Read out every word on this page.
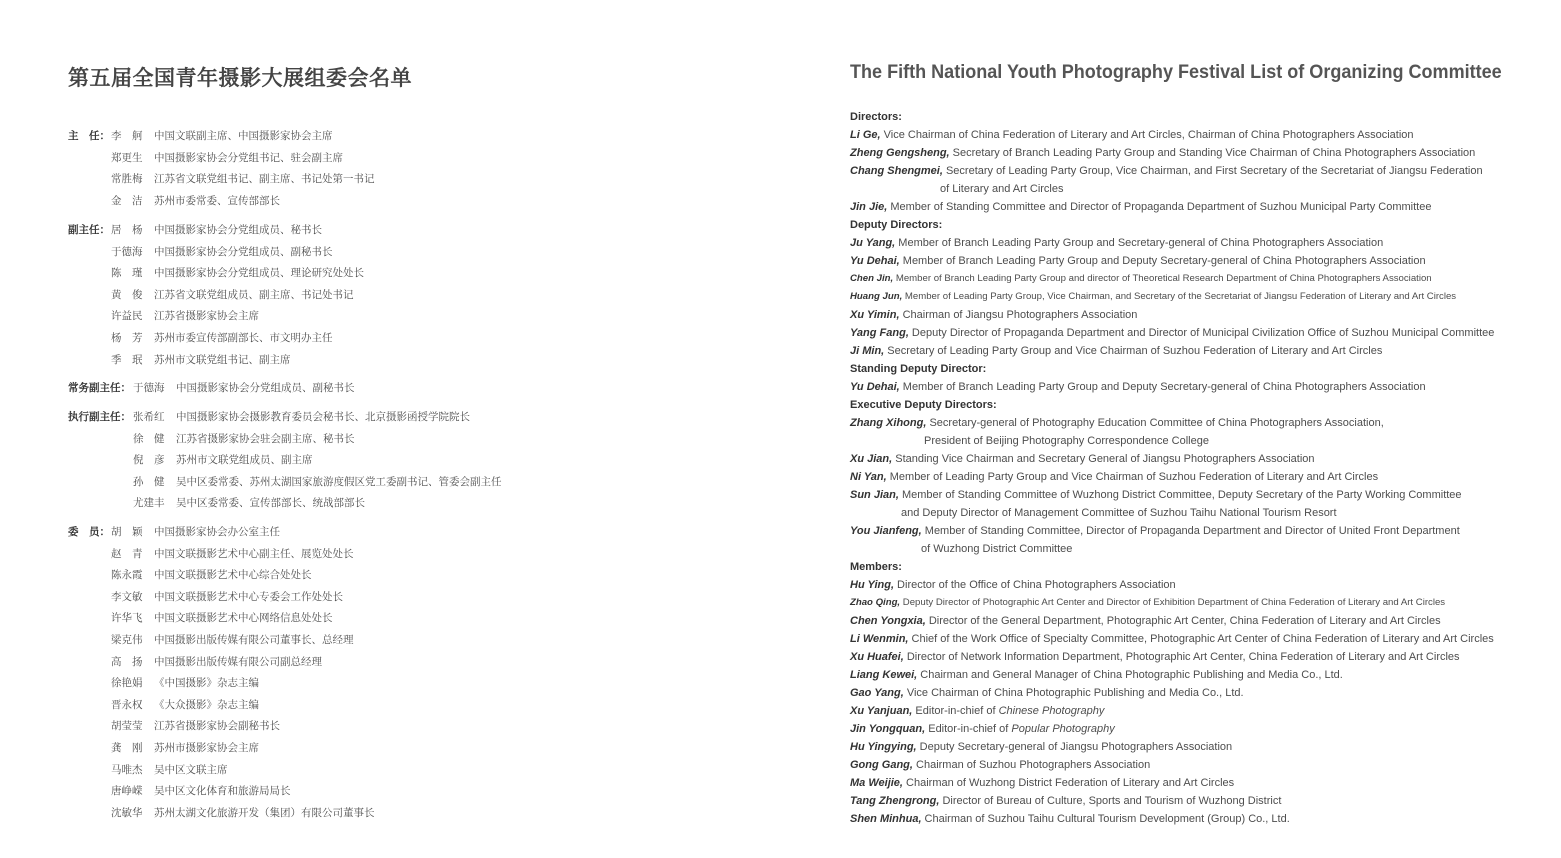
第五届全国青年摄影大展组委会名单
主　任： 李　舸 中国文联副主席、中国摄影家协会主席
郑更生 中国摄影家协会分党组书记、驻会副主席
常胜梅 江苏省文联党组书记、副主席、书记处第一书记
金　洁 苏州市委常委、宣传部部长
副主任： 居　杨 中国摄影家协会分党组成员、秘书长
于德海 中国摄影家协会分党组成员、副秘书长
陈　瑾 中国摄影家协会分党组成员、理论研究处处长
黄　俊 江苏省文联党组成员、副主席、书记处书记
许益民 江苏省摄影家协会主席
杨　芳 苏州市委宣传部副部长、市文明办主任
季　珉 苏州市文联党组书记、副主席
常务副主任： 于德海 中国摄影家协会分党组成员、副秘书长
执行副主任： 张希红 中国摄影家协会摄影教育委员会秘书长、北京摄影函授学院院长
徐　健 江苏省摄影家协会驻会副主席、秘书长
倪　彦 苏州市文联党组成员、副主席
孙　健 吴中区委常委、苏州太湖国家旅游度假区党工委副书记、管委会副主任
尤建丰 吴中区委常委、宣传部部长、统战部部长
委　员： 胡　颖 中国摄影家协会办公室主任
赵　青 中国文联摄影艺术中心副主任、展览处处长
陈永霞 中国文联摄影艺术中心综合处处长
李文敏 中国文联摄影艺术中心专委会工作处处长
许华飞 中国文联摄影艺术中心网络信息处处长
梁克伟 中国摄影出版传媒有限公司董事长、总经理
高　扬 中国摄影出版传媒有限公司副总经理
徐艳娟 《中国摄影》杂志主编
晋永权 《大众摄影》杂志主编
胡莹莹 江苏省摄影家协会副秘书长
龚　刚 苏州市摄影家协会主席
马唯杰 吴中区文联主席
唐峥嵘 吴中区文化体育和旅游局局长
沈敏华 苏州太湖文化旅游开发（集团）有限公司董事长
The Fifth National Youth Photography Festival List of Organizing Committee
Directors:
Li Ge, Vice Chairman of China Federation of Literary and Art Circles, Chairman of China Photographers Association
Zheng Gengsheng, Secretary of Branch Leading Party Group and Standing Vice Chairman of China Photographers Association
Chang Shengmei, Secretary of Leading Party Group, Vice Chairman, and First Secretary of the Secretariat of Jiangsu Federation
of Literary and Art Circles
Jin Jie, Member of Standing Committee and Director of Propaganda Department of Suzhou Municipal Party Committee
Deputy Directors:
Ju Yang, Member of Branch Leading Party Group and Secretary-general of China Photographers Association
Yu Dehai, Member of Branch Leading Party Group and Deputy Secretary-general of China Photographers Association
Chen Jin, Member of Branch Leading Party Group and director of Theoretical Research Department of China Photographers Association
Huang Jun, Member of Leading Party Group, Vice Chairman, and Secretary of the Secretariat of Jiangsu Federation of Literary and Art Circles
Xu Yimin, Chairman of Jiangsu Photographers Association
Yang Fang, Deputy Director of Propaganda Department and Director of Municipal Civilization Office of Suzhou Municipal Committee
Ji Min, Secretary of Leading Party Group and Vice Chairman of Suzhou Federation of Literary and Art Circles
Standing Deputy Director:
Yu Dehai, Member of Branch Leading Party Group and Deputy Secretary-general of China Photographers Association
Executive Deputy Directors:
Zhang Xihong, Secretary-general of Photography Education Committee of China Photographers Association,
President of Beijing Photography Correspondence College
Xu Jian, Standing Vice Chairman and Secretary General of Jiangsu Photographers Association
Ni Yan, Member of Leading Party Group and Vice Chairman of Suzhou Federation of Literary and Art Circles
Sun Jian, Member of Standing Committee of Wuzhong District Committee, Deputy Secretary of the Party Working Committee
and Deputy Director of Management Committee of Suzhou Taihu National Tourism Resort
You Jianfeng, Member of Standing Committee, Director of Propaganda Department and Director of United Front Department
of Wuzhong District Committee
Members:
Hu Ying, Director of the Office of China Photographers Association
Zhao Qing, Deputy Director of Photographic Art Center and Director of Exhibition Department of China Federation of Literary and Art Circles
Chen Yongxia, Director of the General Department, Photographic Art Center, China Federation of Literary and Art Circles
Li Wenmin, Chief of the Work Office of Specialty Committee, Photographic Art Center of China Federation of Literary and Art Circles
Xu Huafei, Director of Network Information Department, Photographic Art Center, China Federation of Literary and Art Circles
Liang Kewei, Chairman and General Manager of China Photographic Publishing and Media Co., Ltd.
Gao Yang, Vice Chairman of China Photographic Publishing and Media Co., Ltd.
Xu Yanjuan, Editor-in-chief of Chinese Photography
Jin Yongquan, Editor-in-chief of Popular Photography
Hu Yingying, Deputy Secretary-general of Jiangsu Photographers Association
Gong Gang, Chairman of Suzhou Photographers Association
Ma Weijie, Chairman of Wuzhong District Federation of Literary and Art Circles
Tang Zhengrong, Director of Bureau of Culture, Sports and Tourism of Wuzhong District
Shen Minhua, Chairman of Suzhou Taihu Cultural Tourism Development (Group) Co., Ltd.
